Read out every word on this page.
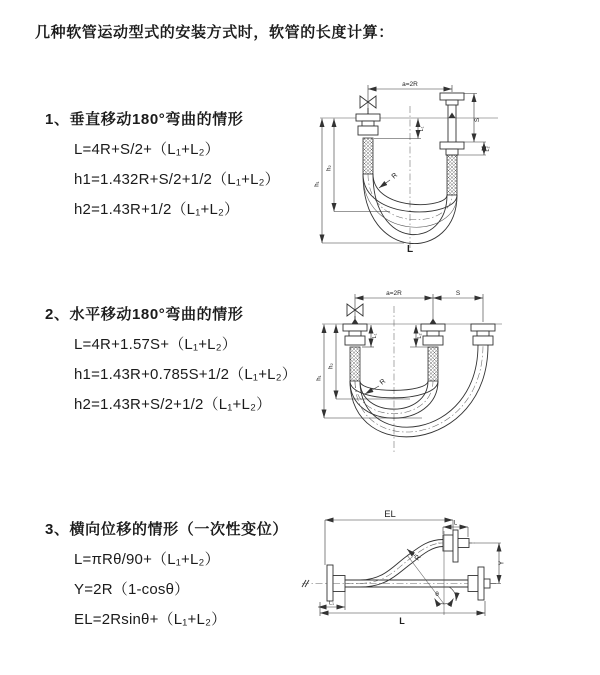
几种软管运动型式的安装方式时，软管的长度计算：
1、垂直移动180°弯曲的情形
L=4R+S/2+（L₁+L₂）
h1=1.432R+S/2+1/2（L₁+L₂）
h2=1.43R+1/2（L₁+L₂）
a=2R
S
L₂
L₁
h₁
h₂
R
L
2、水平移动180°弯曲的情形
L=4R+1.57S+（L₁+L₂）
h1=1.43R+0.785S+1/2（L₁+L₂）
h2=1.43R+S/2+1/2（L₁+L₂）
a=2R	S
L₁	L₂
h₁
h₂
R
3、横向位移的情形（一次性变位）
L=πRθ/90+（L₁+L₂）
Y=2R（1-cosθ）
EL=2Rsinθ+（L₁+L₂）
EL
L
Y
θ
R
L₁
L
